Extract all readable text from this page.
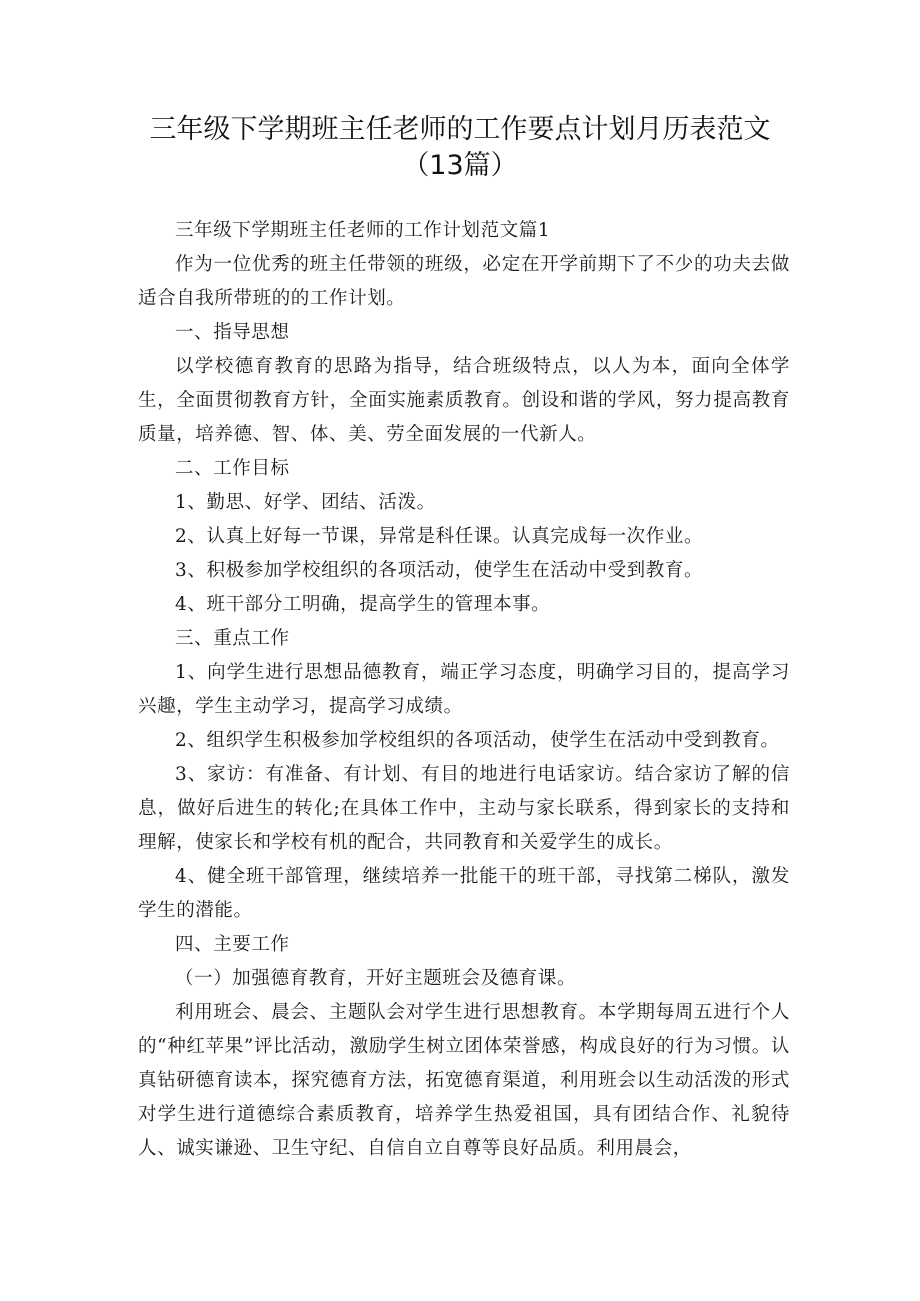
三年级下学期班主任老师的工作要点计划月历表范文
（13篇）

三年级下学期班主任老师的工作计划范文篇1

作为一位优秀的班主任带领的班级，必定在开学前期下了不少的功夫去做适合自我所带班的的工作计划。

一、指导思想

以学校德育教育的思路为指导，结合班级特点，以人为本，面向全体学生，全面贯彻教育方针，全面实施素质教育。创设和谐的学风，努力提高教育质量，培养德、智、体、美、劳全面发展的一代新人。

二、工作目标

1、勤思、好学、团结、活泼。

2、认真上好每一节课，异常是科任课。认真完成每一次作业。

3、积极参加学校组织的各项活动，使学生在活动中受到教育。

4、班干部分工明确，提高学生的管理本事。

三、重点工作

1、向学生进行思想品德教育，端正学习态度，明确学习目的，提高学习兴趣，学生主动学习，提高学习成绩。

2、组织学生积极参加学校组织的各项活动，使学生在活动中受到教育。

3、家访：有准备、有计划、有目的地进行电话家访。结合家访了解的信息，做好后进生的转化;在具体工作中，主动与家长联系，得到家长的支持和理解，使家长和学校有机的配合，共同教育和关爱学生的成长。

4、健全班干部管理，继续培养一批能干的班干部，寻找第二梯队，激发学生的潜能。

四、主要工作

（一）加强德育教育，开好主题班会及德育课。

利用班会、晨会、主题队会对学生进行思想教育。本学期每周五进行个人的“种红苹果”评比活动，激励学生树立团体荣誉感，构成良好的行为习惯。认真钻研德育读本，探究德育方法，拓宽德育渠道，利用班会以生动活泼的形式对学生进行道德综合素质教育，培养学生热爱祖国，具有团结合作、礼貌待人、诚实谦逊、卫生守纪、自信自立自尊等良好品质。利用晨会，
